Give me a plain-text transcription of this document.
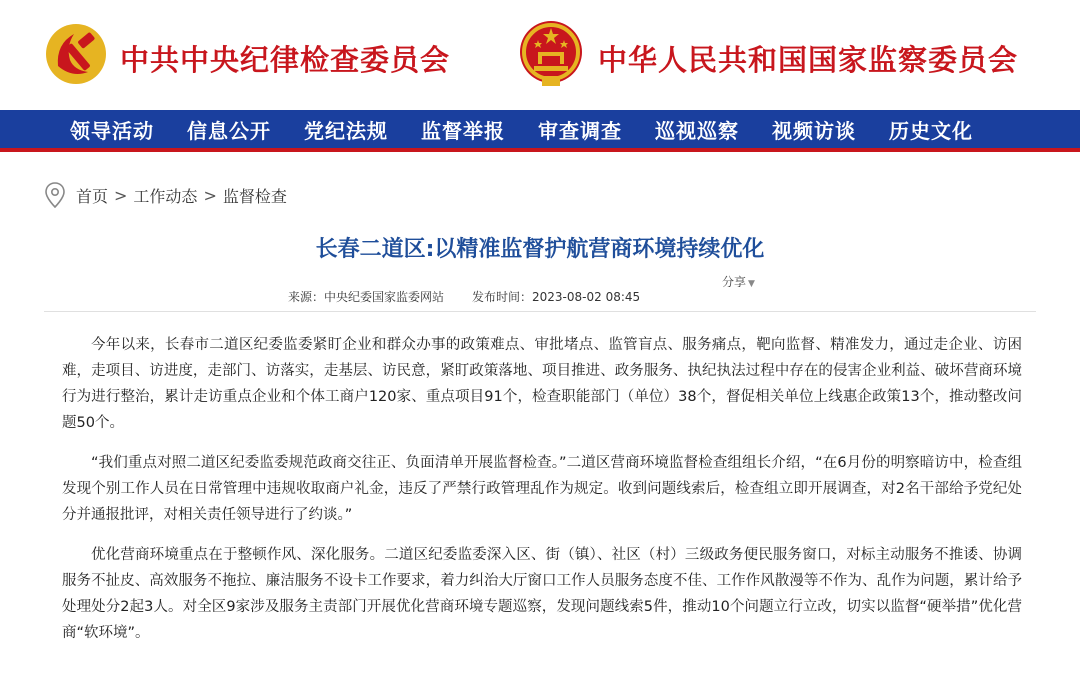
中共中央纪律检查委员会	中华人民共和国国家监察委员会
领导活动 信息公开 党纪法规 监督举报 审查调查 巡视巡察 视频访谈 历史文化
首页 > 工作动态 > 监督检查
长春二道区:以精准监督护航营商环境持续优化
分享 ▼
来源：中央纪委国家监委网站 发布时间：2023-08-02 08:45

今年以来，长春市二道区纪委监委紧盯企业和群众办事的政策难点、审批堵点、监管盲点、服务痛点，靶向监督、精准发力，通过走企业、访困难，走项目、访进度，走部门、访落实，走基层、访民意，紧盯政策落地、项目推进、政务服务、执纪执法过程中存在的侵害企业利益、破坏营商环境行为进行整治，累计走访重点企业和个体工商户120家、重点项目91个，检查职能部门（单位）38个，督促相关单位上线惠企政策13个，推动整改问题50个。

“我们重点对照二道区纪委监委规范政商交往正、负面清单开展监督检查。”二道区营商环境监督检查组组长介绍，“在6月份的明察暗访中，检查组发现个别工作人员在日常管理中违规收取商户礼金，违反了严禁行政管理乱作为规定。收到问题线索后，检查组立即开展调查，对2名干部给予党纪处分并通报批评，对相关责任领导进行了约谈。”

优化营商环境重点在于整顿作风、深化服务。二道区纪委监委深入区、街（镇）、社区（村）三级政务便民服务窗口，对标主动服务不推诿、协调服务不扯皮、高效服务不拖拉、廉洁服务不设卡工作要求，着力纠治大厅窗口工作人员服务态度不佳、工作作风散漫等不作为、乱作为问题，累计给予处理处分2起3人。对全区9家涉及服务主责部门开展优化营商环境专题巡察，发现问题线索5件，推动10个问题立行立改，切实以监督“硬举措”优化营商“软环境”。
